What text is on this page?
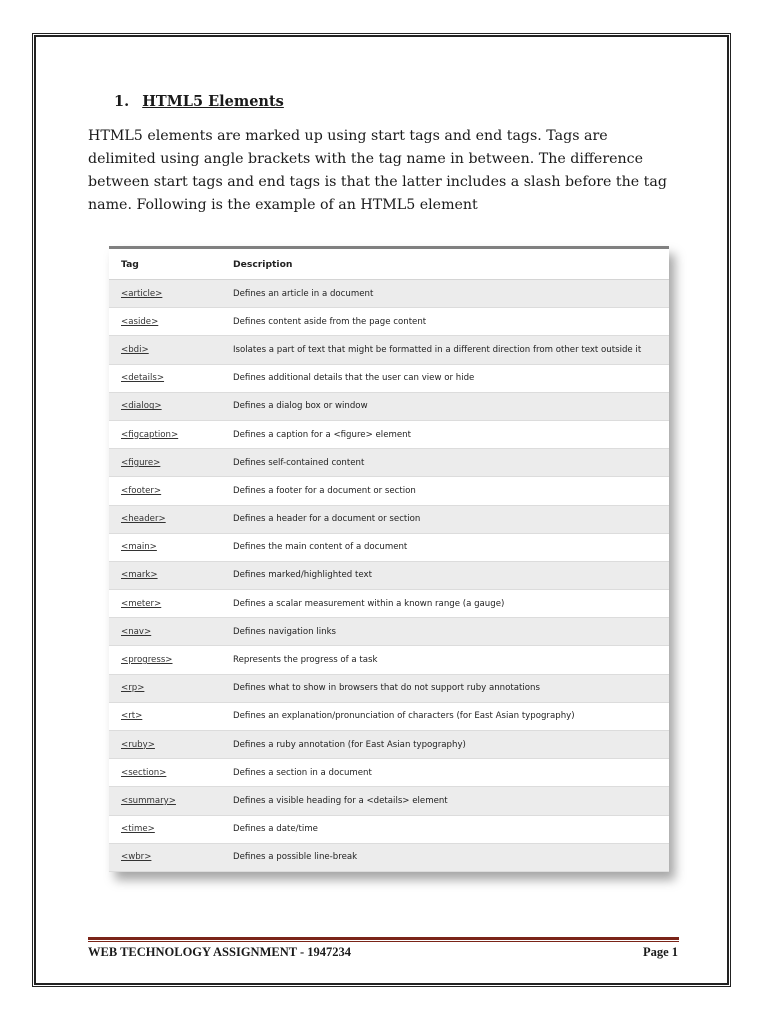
1. HTML5 Elements
HTML5 elements are marked up using start tags and end tags. Tags are delimited using angle brackets with the tag name in between. The difference between start tags and end tags is that the latter includes a slash before the tag name. Following is the example of an HTML5 element
Tag	Description
<article>	Defines an article in a document
<aside>	Defines content aside from the page content
<bdi>	Isolates a part of text that might be formatted in a different direction from other text outside it
<details>	Defines additional details that the user can view or hide
<dialog>	Defines a dialog box or window
<figcaption>	Defines a caption for a <figure> element
<figure>	Defines self-contained content
<footer>	Defines a footer for a document or section
<header>	Defines a header for a document or section
<main>	Defines the main content of a document
<mark>	Defines marked/highlighted text
<meter>	Defines a scalar measurement within a known range (a gauge)
<nav>	Defines navigation links
<progress>	Represents the progress of a task
<rp>	Defines what to show in browsers that do not support ruby annotations
<rt>	Defines an explanation/pronunciation of characters (for East Asian typography)
<ruby>	Defines a ruby annotation (for East Asian typography)
<section>	Defines a section in a document
<summary>	Defines a visible heading for a <details> element
<time>	Defines a date/time
<wbr>	Defines a possible line-break
WEB TECHNOLOGY ASSIGNMENT - 1947234	Page 1
